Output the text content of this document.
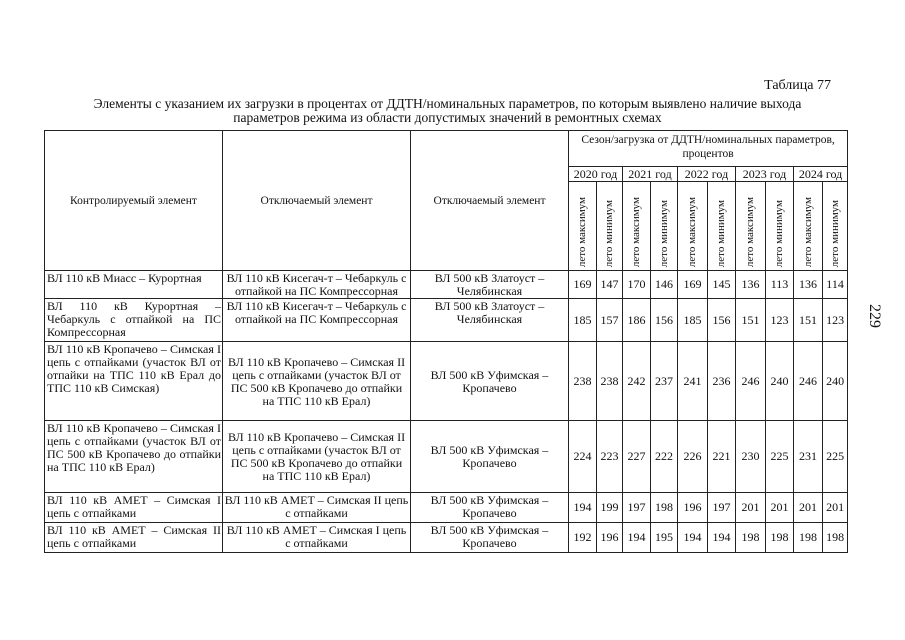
Таблица 77
Элементы с указанием их загрузки в процентах от ДДТН/номинальных параметров, по которым выявлено наличие выхода параметров режима из области допустимых значений в ремонтных схемах
229
Контролируемый элемент	Отключаемый элемент	Отключаемый элемент	Сезон/загрузка от ДДТН/номинальных параметров, процентов									
			2020 год		2021 год		2022 год		2023 год		2024 год	

			лето максимум	лето минимум	лето максимум	лето минимум	лето максимум	лето минимум	лето максимум	лето минимум	лето максимум	лето минимум

ВЛ 110 кВ Миасс – Курортная	ВЛ 110 кВ Кисегач-т – Чебаркуль с отпайкой на ПС Компрессорная	ВЛ 500 кВ Златоуст – Челябинская	169	147	170	146	169	145	136	113	136	114
ВЛ 110 кВ Курортная – Чебаркуль с отпайкой на ПС Компрессорная	ВЛ 110 кВ Кисегач-т – Чебаркуль с отпайкой на ПС Компрессорная	ВЛ 500 кВ Златоуст – Челябинская	185	157	186	156	185	156	151	123	151	123
ВЛ 110 кВ Кропачево – Симская I цепь с отпайками (участок ВЛ от отпайки на ТПС 110 кВ Ерал до ТПС 110 кВ Симская)	ВЛ 110 кВ Кропачево – Симская II цепь с отпайками (участок ВЛ от ПС 500 кВ Кропачево до отпайки на ТПС 110 кВ Ерал)	ВЛ 500 кВ Уфимская – Кропачево	238	238	242	237	241	236	246	240	246	240
ВЛ 110 кВ Кропачево – Симская I цепь с отпайками (участок ВЛ от ПС 500 кВ Кропачево до отпайки на ТПС 110 кВ Ерал)	ВЛ 110 кВ Кропачево – Симская II цепь с отпайками (участок ВЛ от ПС 500 кВ Кропачево до отпайки на ТПС 110 кВ Ерал)	ВЛ 500 кВ Уфимская – Кропачево	224	223	227	222	226	221	230	225	231	225
ВЛ 110 кВ АМЕТ – Симская I цепь с отпайками	ВЛ 110 кВ АМЕТ – Симская II цепь с отпайками	ВЛ 500 кВ Уфимская – Кропачево	194	199	197	198	196	197	201	201	201	201
ВЛ 110 кВ АМЕТ – Симская II цепь с отпайками	ВЛ 110 кВ АМЕТ – Симская I цепь с отпайками	ВЛ 500 кВ Уфимская – Кропачево	192	196	194	195	194	194	198	198	198	198
